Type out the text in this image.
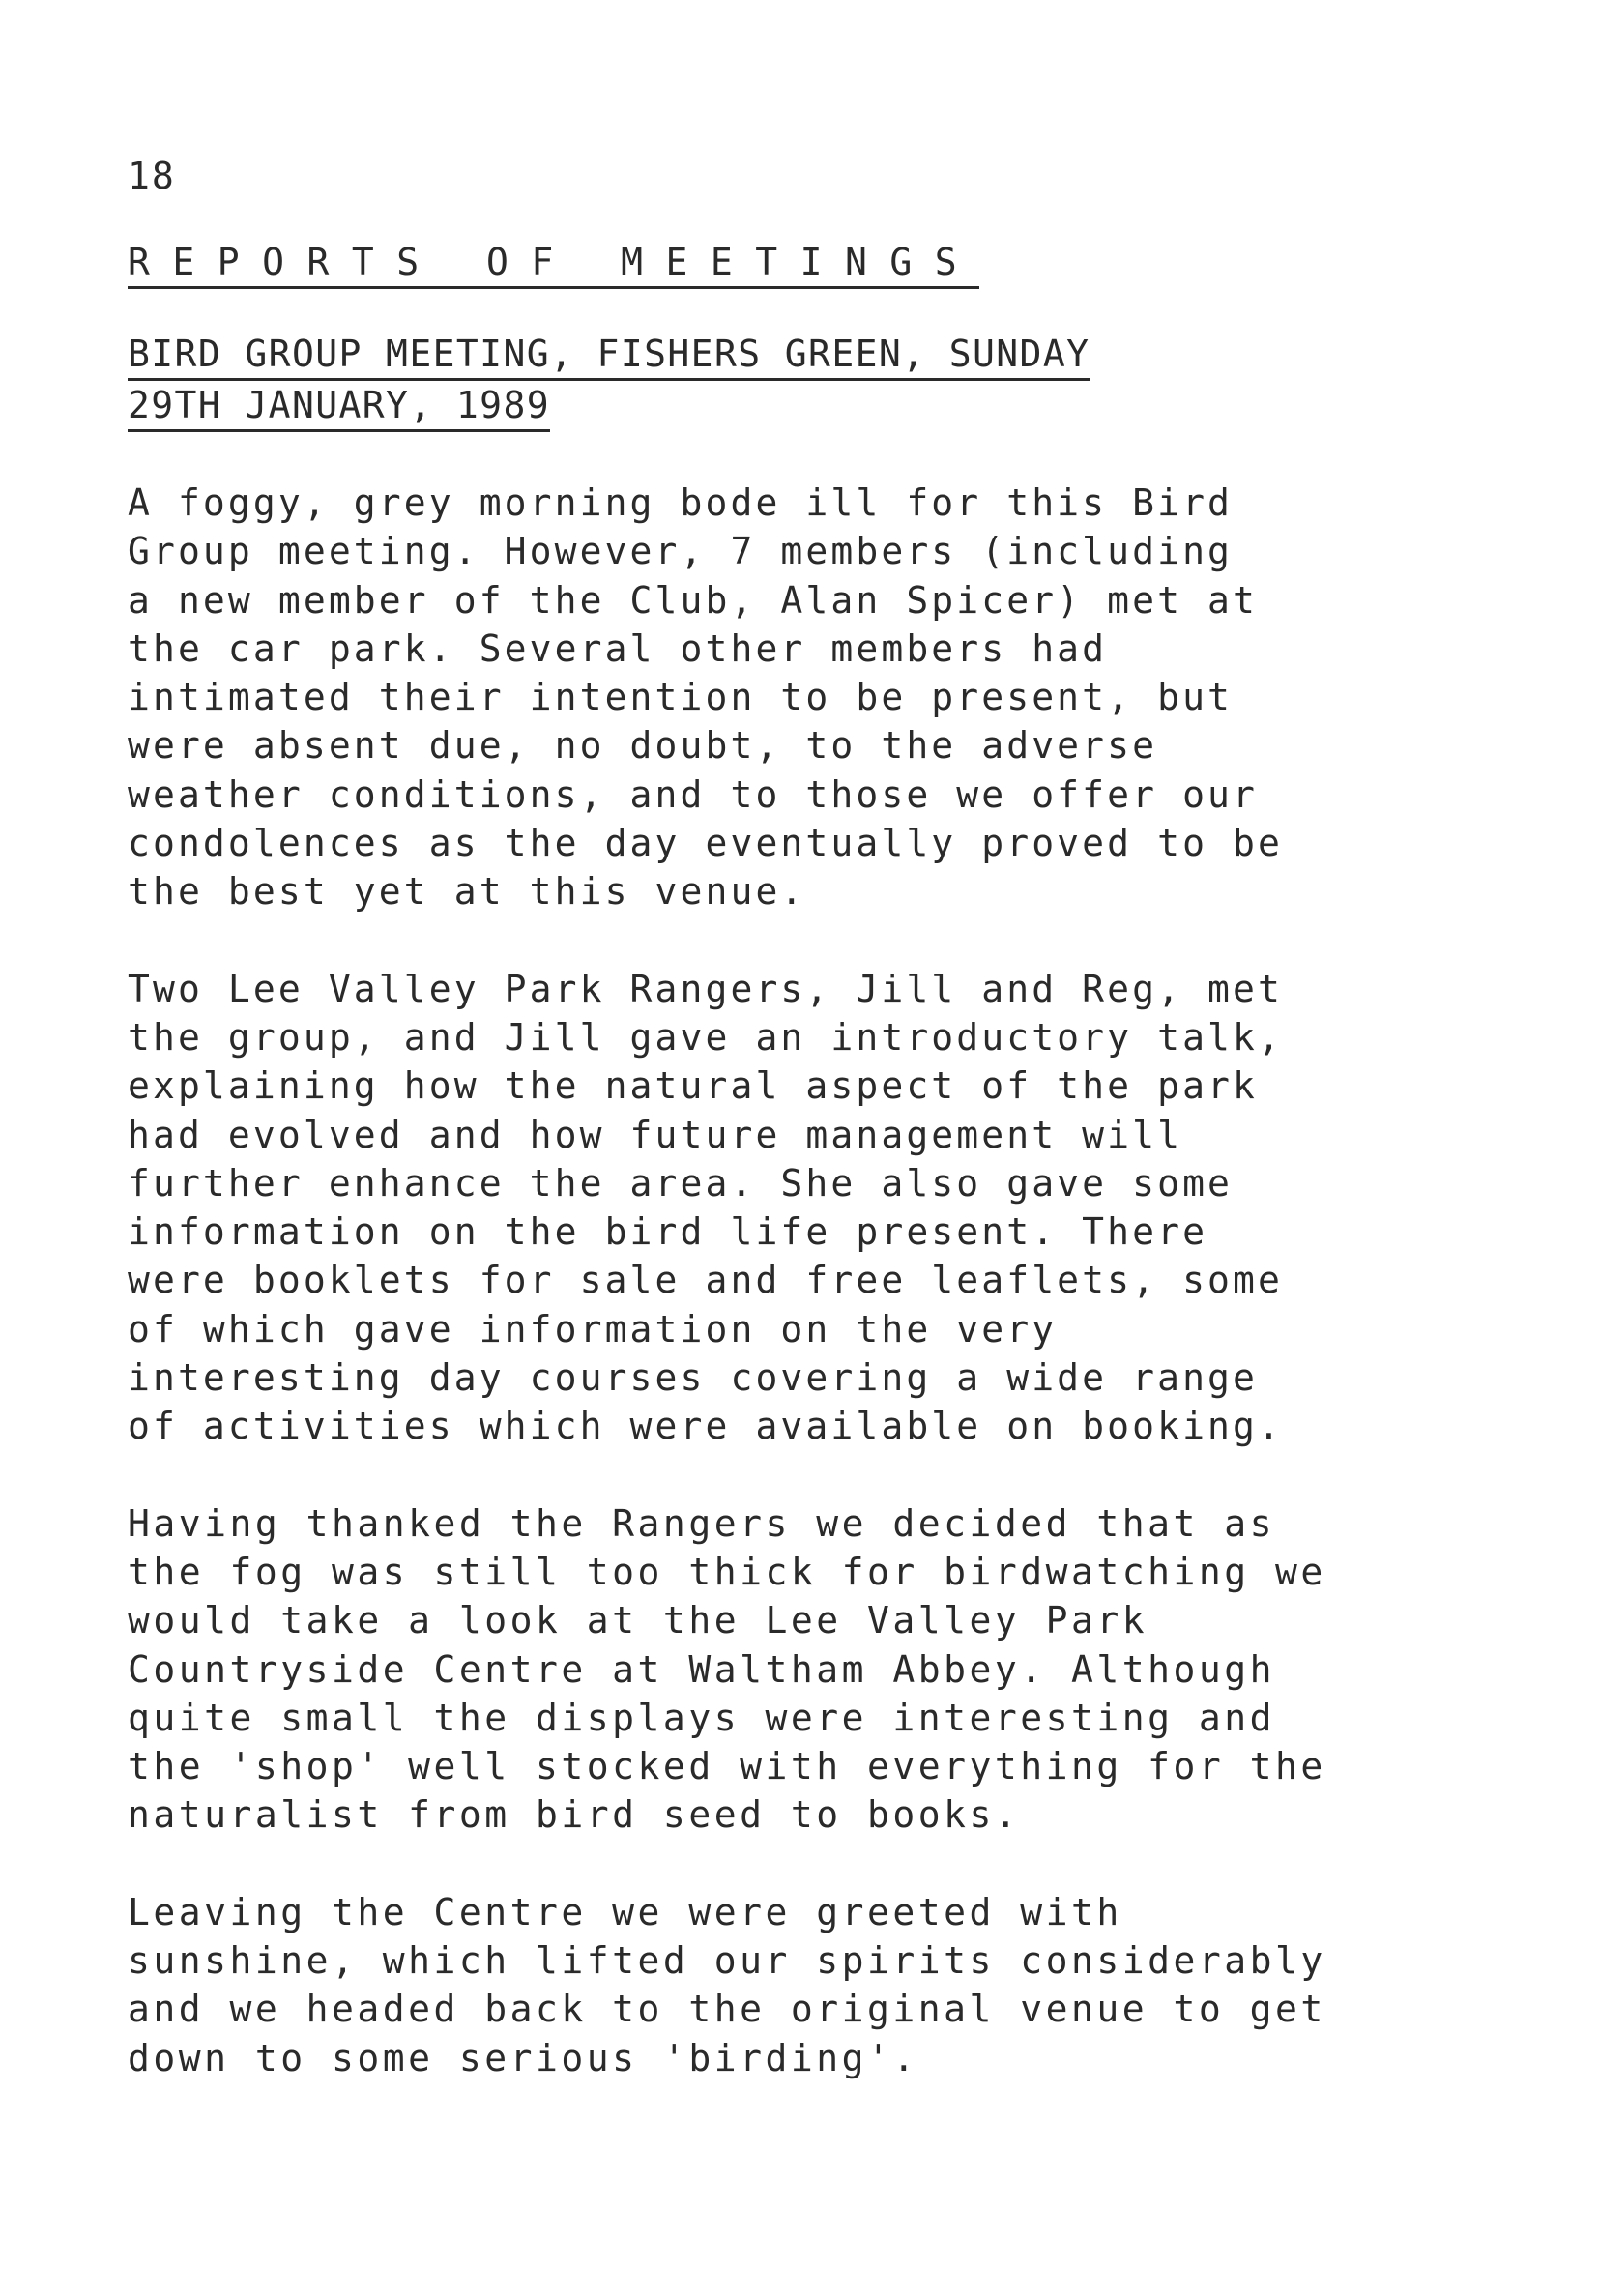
18
REPORTS OF MEETINGS
BIRD GROUP MEETING, FISHERS GREEN, SUNDAY
29TH JANUARY, 1989

A foggy, grey morning bode ill for this Bird
Group meeting. However, 7 members (including
a new member of the Club, Alan Spicer) met at
the car park. Several other members had
intimated their intention to be present, but
were absent due, no doubt, to the adverse
weather conditions, and to those we offer our
condolences as the day eventually proved to be
the best yet at this venue.

Two Lee Valley Park Rangers, Jill and Reg, met
the group, and Jill gave an introductory talk,
explaining how the natural aspect of the park
had evolved and how future management will
further enhance the area. She also gave some
information on the bird life present. There
were booklets for sale and free leaflets, some
of which gave information on the very
interesting day courses covering a wide range
of activities which were available on booking.

Having thanked the Rangers we decided that as
the fog was still too thick for birdwatching we
would take a look at the Lee Valley Park
Countryside Centre at Waltham Abbey. Although
quite small the displays were interesting and
the 'shop' well stocked with everything for the
naturalist from bird seed to books.

Leaving the Centre we were greeted with
sunshine, which lifted our spirits considerably
and we headed back to the original venue to get
down to some serious 'birding'.
